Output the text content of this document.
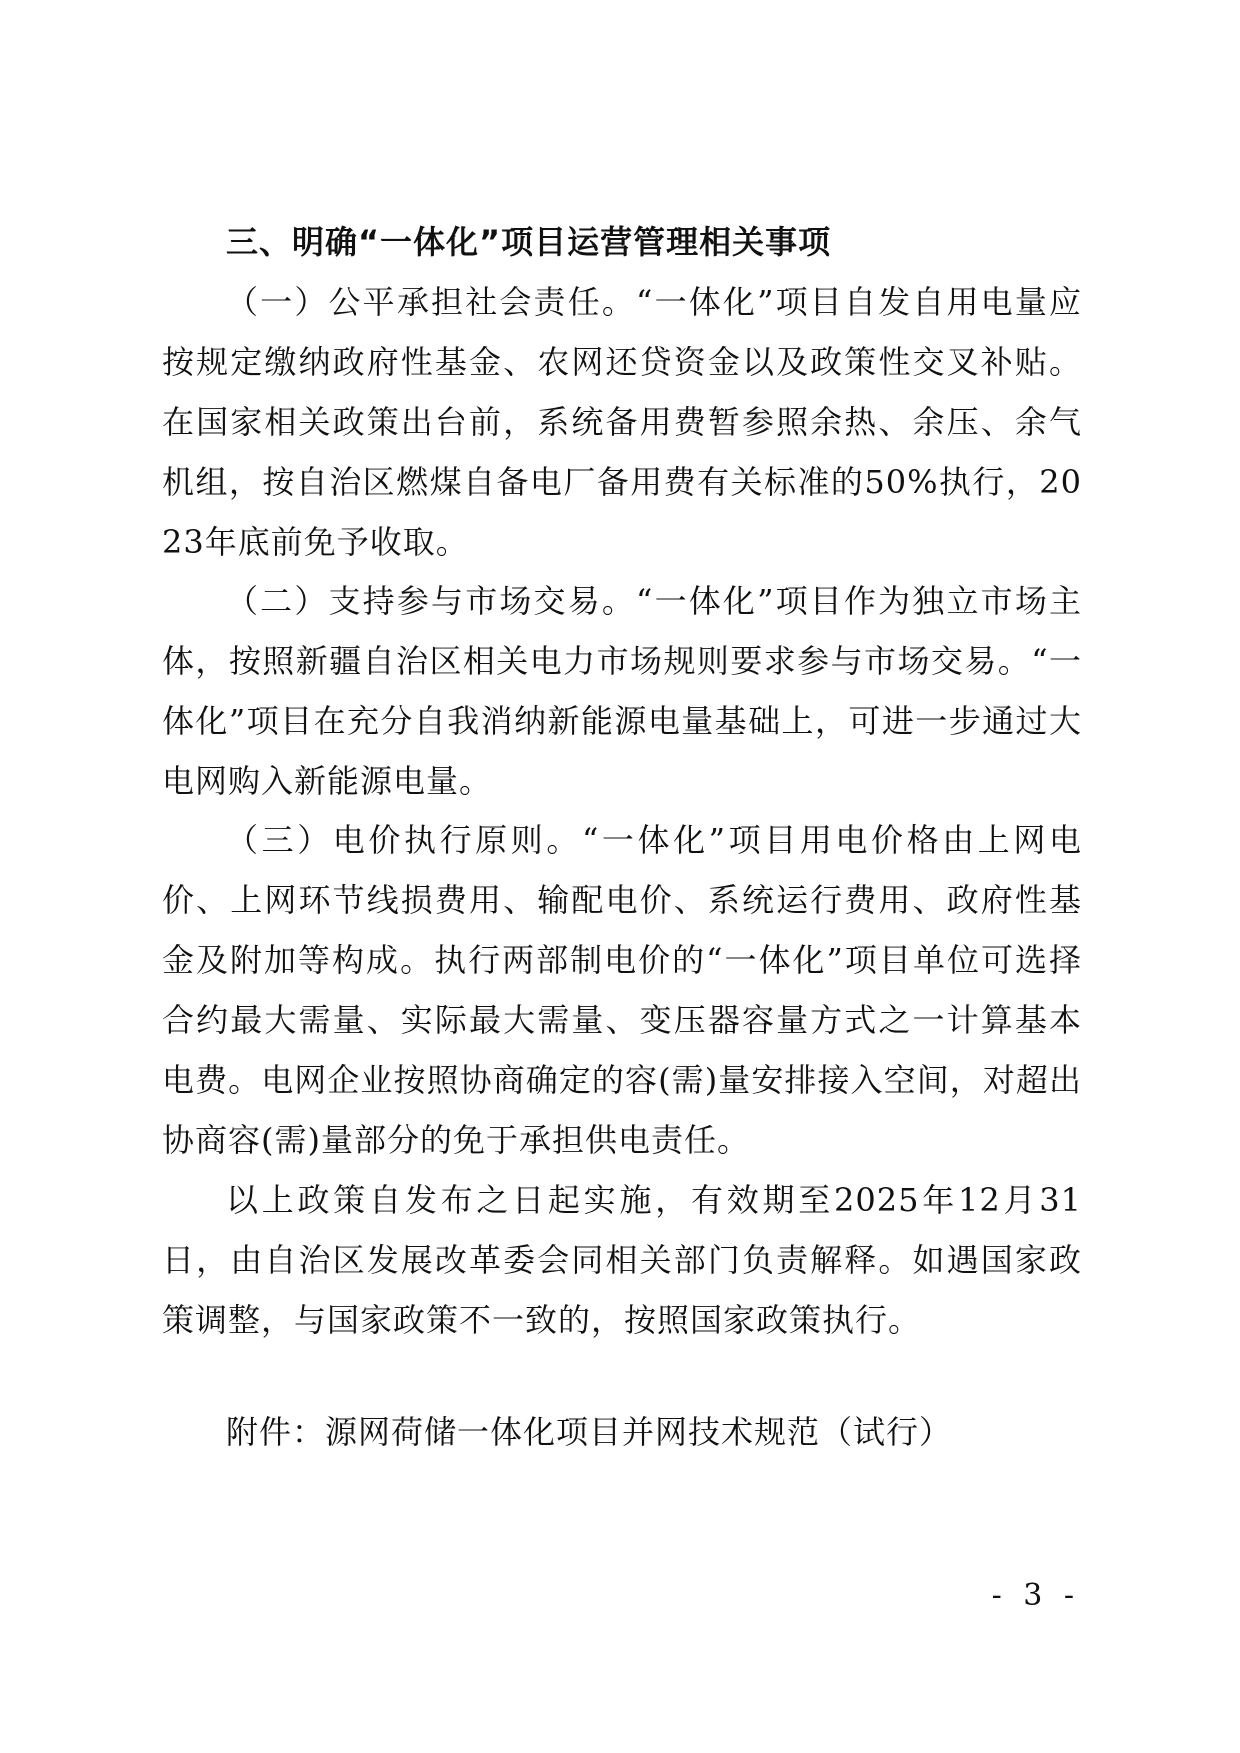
三、明确“一体化”项目运营管理相关事项
（一）公平承担社会责任。“一体化”项目自发自用电量应按规定缴纳政府性基金、农网还贷资金以及政策性交叉补贴。在国家相关政策出台前，系统备用费暂参照余热、余压、余气机组，按自治区燃煤自备电厂备用费有关标准的50%执行，2023年底前免予收取。
（二）支持参与市场交易。“一体化”项目作为独立市场主体，按照新疆自治区相关电力市场规则要求参与市场交易。“一体化”项目在充分自我消纳新能源电量基础上，可进一步通过大电网购入新能源电量。
（三）电价执行原则。“一体化”项目用电价格由上网电价、上网环节线损费用、输配电价、系统运行费用、政府性基金及附加等构成。执行两部制电价的“一体化”项目单位可选择合约最大需量、实际最大需量、变压器容量方式之一计算基本电费。电网企业按照协商确定的容(需)量安排接入空间，对超出协商容(需)量部分的免于承担供电责任。
以上政策自发布之日起实施，有效期至2025年12月31日，由自治区发展改革委会同相关部门负责解释。如遇国家政策调整，与国家政策不一致的，按照国家政策执行。
附件：源网荷储一体化项目并网技术规范（试行）
- 3 -
